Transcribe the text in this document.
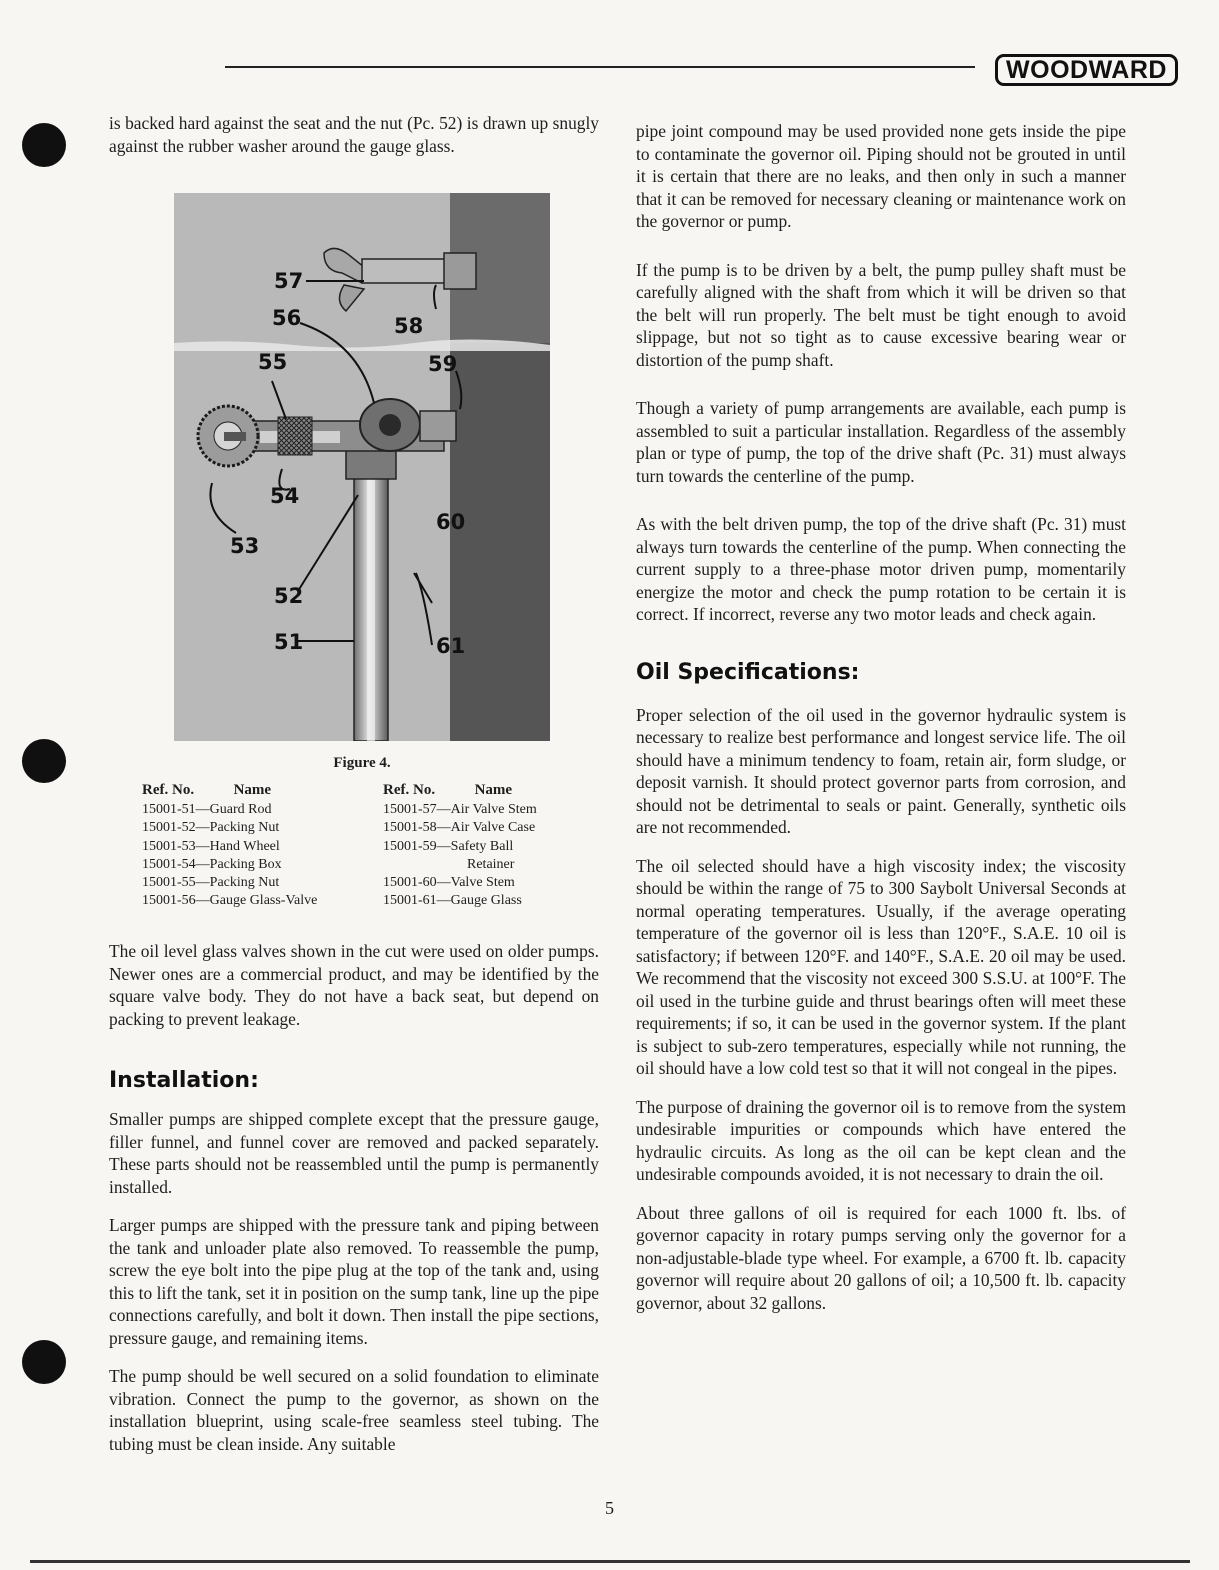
WOODWARD

is backed hard against the seat and the nut (Pc. 52) is drawn up snugly against the rubber washer around the gauge glass.

57
56	58
55	59
54
53
60
52
51	61
Figure 4.
Ref. No.	Name
15001-51—Guard Rod
15001-52—Packing Nut
15001-53—Hand Wheel
15001-54—Packing Box
15001-55—Packing Nut
15001-56—Gauge Glass-Valve
Ref. No.	Name
15001-57—Air Valve Stem
15001-58—Air Valve Case
15001-59—Safety Ball
Retainer
15001-60—Valve Stem
15001-61—Gauge Glass

The oil level glass valves shown in the cut were used on older pumps. Newer ones are a commercial product, and may be identified by the square valve body. They do not have a back seat, but depend on packing to prevent leakage.

Installation:

Smaller pumps are shipped complete except that the pressure gauge, filler funnel, and funnel cover are removed and packed separately. These parts should not be reassembled until the pump is permanently installed.

Larger pumps are shipped with the pressure tank and piping between the tank and unloader plate also removed. To reassemble the pump, screw the eye bolt into the pipe plug at the top of the tank and, using this to lift the tank, set it in position on the sump tank, line up the pipe connections carefully, and bolt it down. Then install the pipe sections, pressure gauge, and remaining items.

The pump should be well secured on a solid foundation to eliminate vibration. Connect the pump to the governor, as shown on the installation blueprint, using scale-free seamless steel tubing. The tubing must be clean inside. Any suitable

pipe joint compound may be used provided none gets inside the pipe to contaminate the governor oil. Piping should not be grouted in until it is certain that there are no leaks, and then only in such a manner that it can be removed for necessary cleaning or maintenance work on the governor or pump.

If the pump is to be driven by a belt, the pump pulley shaft must be carefully aligned with the shaft from which it will be driven so that the belt will run properly. The belt must be tight enough to avoid slippage, but not so tight as to cause excessive bearing wear or distortion of the pump shaft.

Though a variety of pump arrangements are available, each pump is assembled to suit a particular installation. Regardless of the assembly plan or type of pump, the top of the drive shaft (Pc. 31) must always turn towards the centerline of the pump.

As with the belt driven pump, the top of the drive shaft (Pc. 31) must always turn towards the centerline of the pump. When connecting the current supply to a three-phase motor driven pump, momentarily energize the motor and check the pump rotation to be certain it is correct. If incorrect, reverse any two motor leads and check again.

Oil Specifications:

Proper selection of the oil used in the governor hydraulic system is necessary to realize best performance and longest service life. The oil should have a minimum tendency to foam, retain air, form sludge, or deposit varnish. It should protect governor parts from corrosion, and should not be detrimental to seals or paint. Generally, synthetic oils are not recommended.

The oil selected should have a high viscosity index; the viscosity should be within the range of 75 to 300 Saybolt Universal Seconds at normal operating temperatures. Usually, if the average operating temperature of the governor oil is less than 120°F., S.A.E. 10 oil is satisfactory; if between 120°F. and 140°F., S.A.E. 20 oil may be used. We recommend that the viscosity not exceed 300 S.S.U. at 100°F. The oil used in the turbine guide and thrust bearings often will meet these requirements; if so, it can be used in the governor system. If the plant is subject to sub-zero temperatures, especially while not running, the oil should have a low cold test so that it will not congeal in the pipes.

The purpose of draining the governor oil is to remove from the system undesirable impurities or compounds which have entered the hydraulic circuits. As long as the oil can be kept clean and the undesirable compounds avoided, it is not necessary to drain the oil.

About three gallons of oil is required for each 1000 ft. lbs. of governor capacity in rotary pumps serving only the governor for a non-adjustable-blade type wheel. For example, a 6700 ft. lb. capacity governor will require about 20 gallons of oil; a 10,500 ft. lb. capacity governor, about 32 gallons.

5
